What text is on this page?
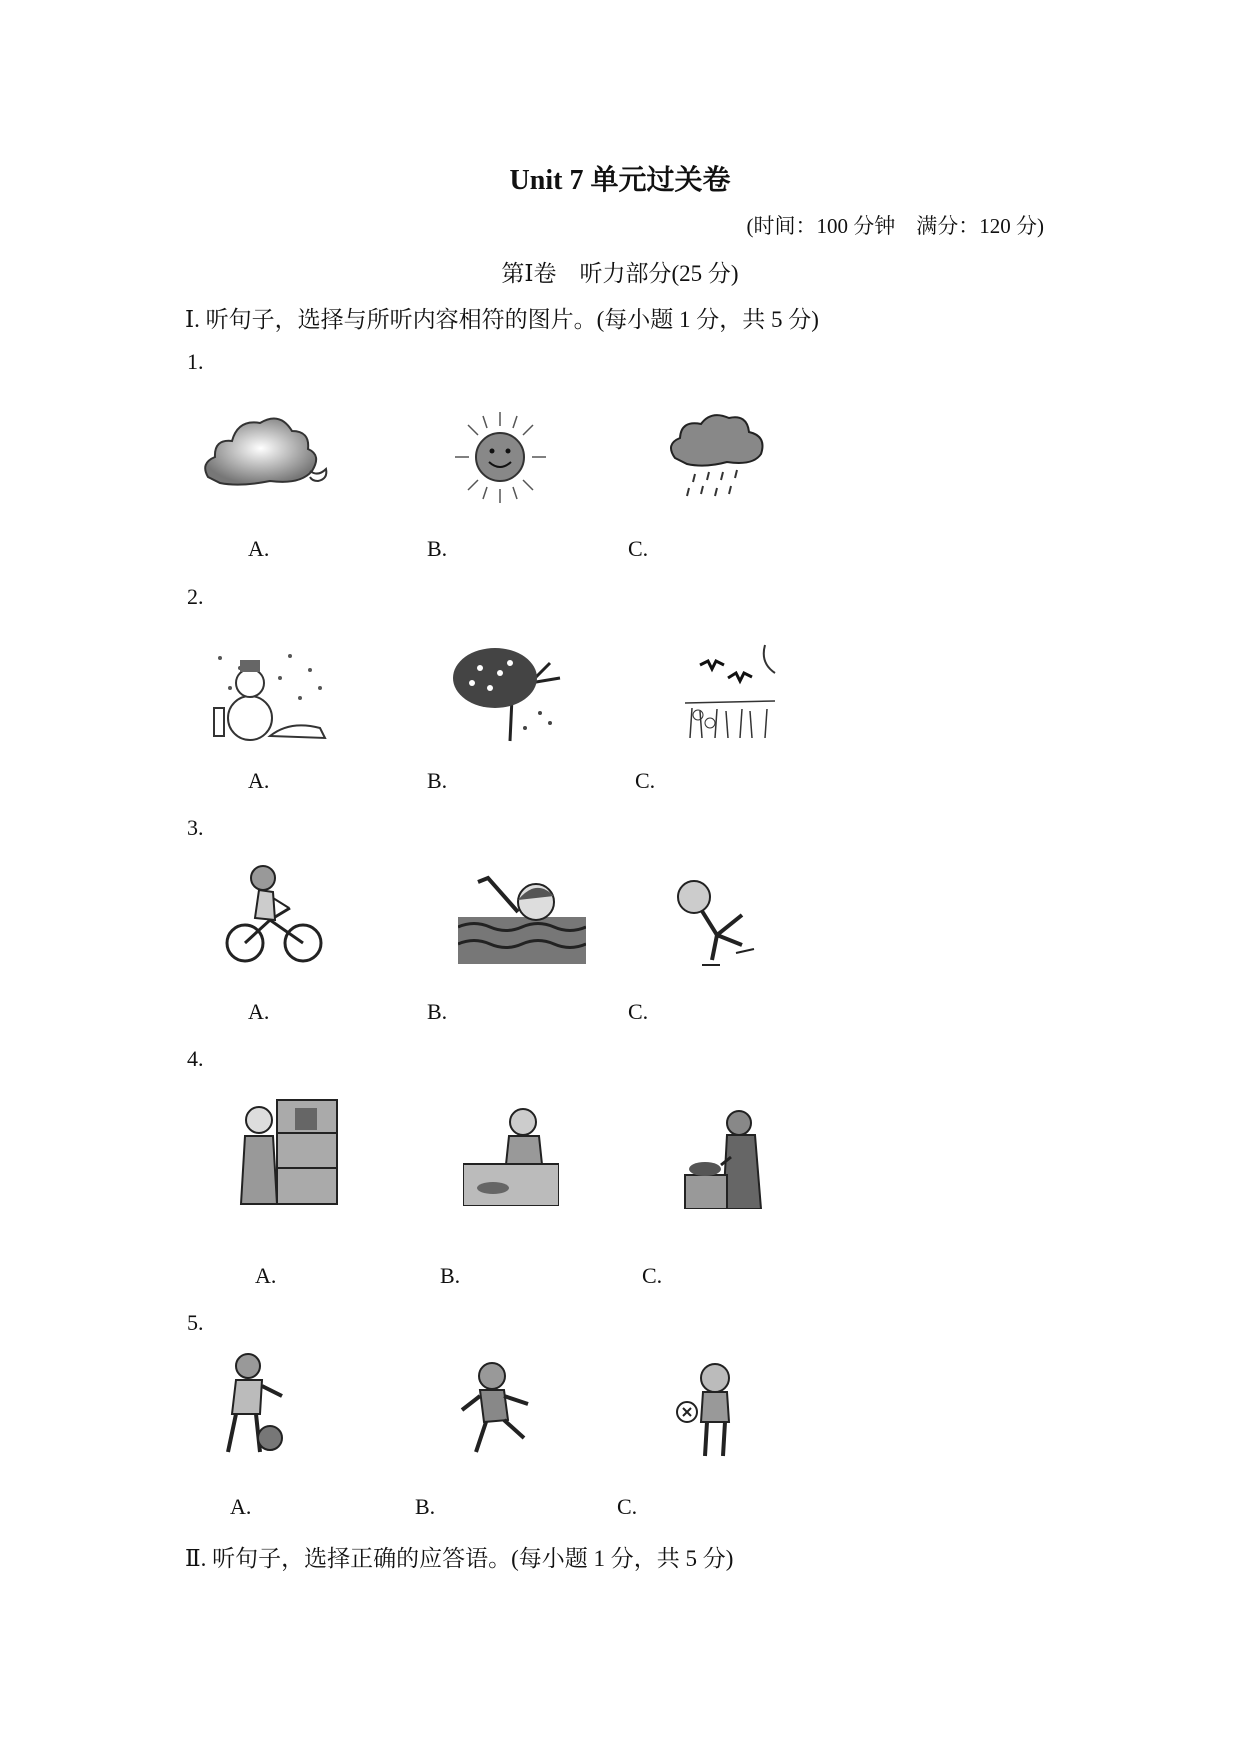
Unit 7 单元过关卷
(时间：100 分钟　满分：120 分)
第Ⅰ卷　听力部分(25 分)
Ⅰ. 听句子，选择与所听内容相符的图片。(每小题 1 分，共 5 分)
1.
A.	B.	C.
2.
A.	B.	C.
3.
A.	B.	C.
4.
A.	B.	C.
5.
A.	B.	C.
Ⅱ. 听句子，选择正确的应答语。(每小题 1 分，共 5 分)
